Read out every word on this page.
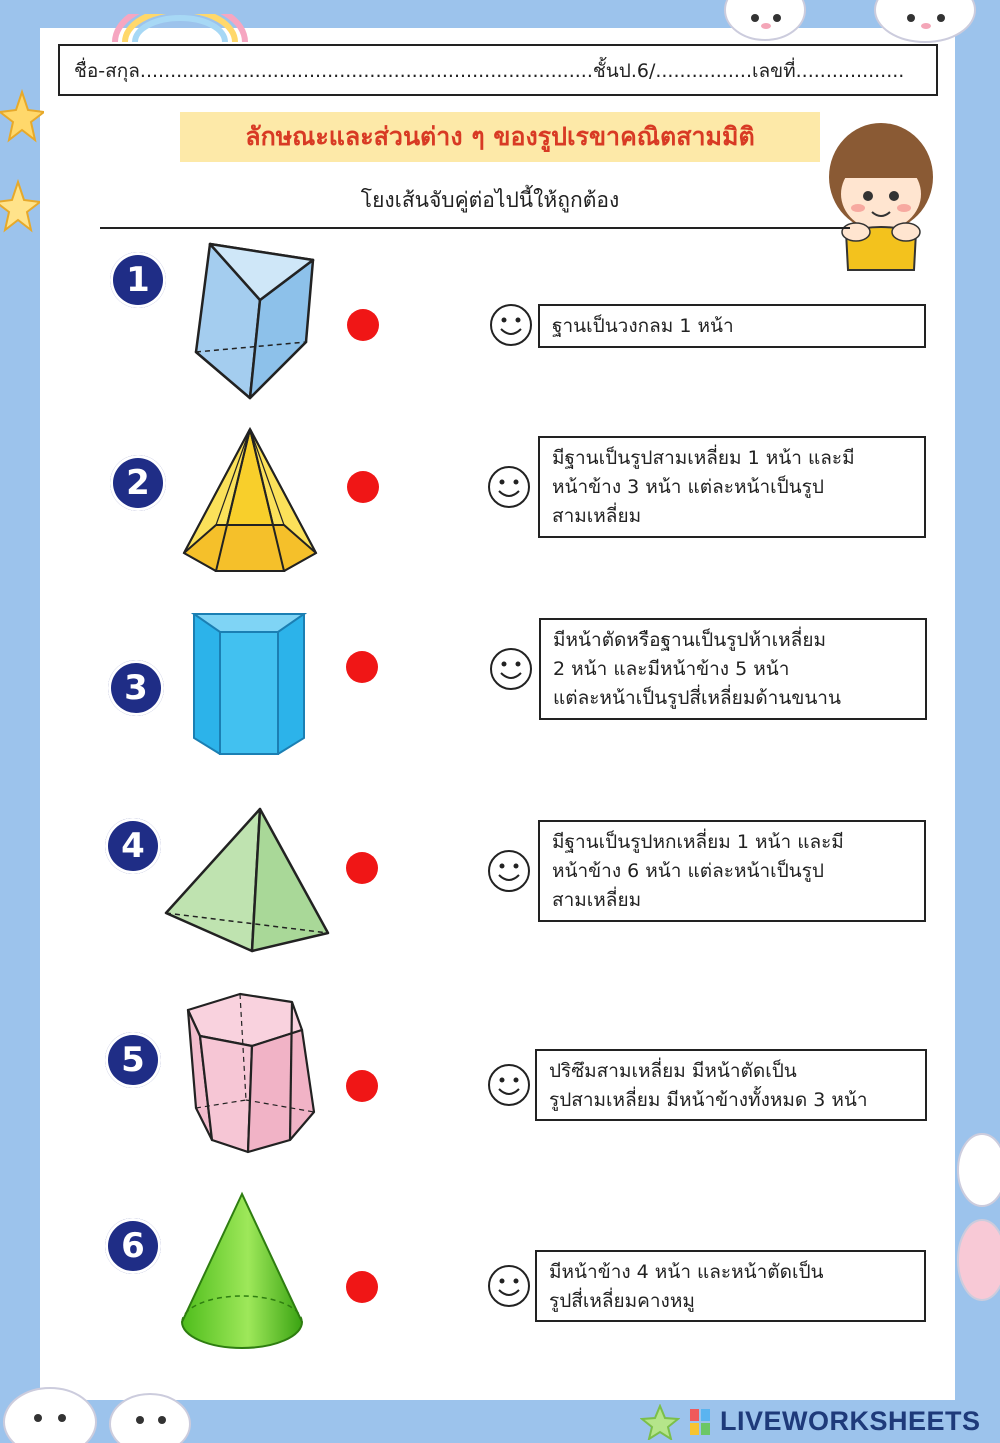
ชื่อ-สกุล...........................................................................ชั้นป.6/................เลขที่..................
ลักษณะและส่วนต่าง ๆ ของรูปเรขาคณิตสามมิติ
โยงเส้นจับคู่ต่อไปนี้ให้ถูกต้อง
1
2
3
4
5
6
ฐานเป็นวงกลม 1 หน้า
มีฐานเป็นรูปสามเหลี่ยม 1 หน้า และมี
หน้าข้าง 3 หน้า แต่ละหน้าเป็นรูป
สามเหลี่ยม
มีหน้าตัดหรือฐานเป็นรูปห้าเหลี่ยม
2 หน้า และมีหน้าข้าง 5 หน้า
แต่ละหน้าเป็นรูปสี่เหลี่ยมด้านขนาน
มีฐานเป็นรูปหกเหลี่ยม 1 หน้า และมี
หน้าข้าง 6 หน้า แต่ละหน้าเป็นรูป
สามเหลี่ยม
ปริซึมสามเหลี่ยม มีหน้าตัดเป็น
รูปสามเหลี่ยม มีหน้าข้างทั้งหมด 3 หน้า
มีหน้าข้าง 4 หน้า และหน้าตัดเป็น
รูปสี่เหลี่ยมคางหมู
LIVEWORKSHEETS
